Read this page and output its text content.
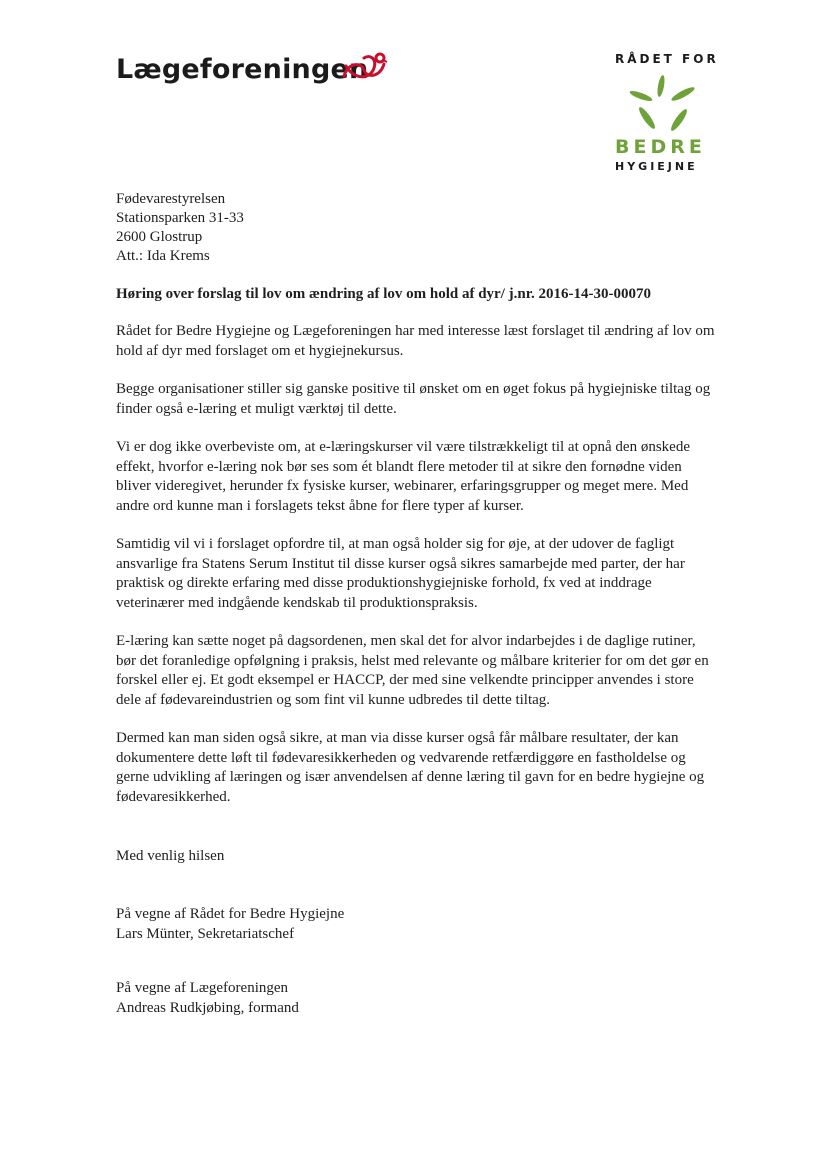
Lægeforeningen	RÅDET FOR
BEDRE
HYGIEJNE
Fødevarestyrelsen
Stationsparken 31-33
2600 Glostrup
Att.: Ida Krems
Høring over forslag til lov om ændring af lov om hold af dyr/ j.nr. 2016-14-30-00070

Rådet for Bedre Hygiejne og Lægeforeningen har med interesse læst forslaget til ændring af lov om hold af dyr med forslaget om et hygiejnekursus.

Begge organisationer stiller sig ganske positive til ønsket om en øget fokus på hygiejniske tiltag og finder også e-læring et muligt værktøj til dette.

Vi er dog ikke overbeviste om, at e-læringskurser vil være tilstrækkeligt til at opnå den ønskede effekt, hvorfor e-læring nok bør ses som ét blandt flere metoder til at sikre den fornødne viden bliver videregivet, herunder fx fysiske kurser, webinarer, erfaringsgrupper og meget mere. Med andre ord kunne man i forslagets tekst åbne for flere typer af kurser.

Samtidig vil vi i forslaget opfordre til, at man også holder sig for øje, at der udover de fagligt ansvarlige fra Statens Serum Institut til disse kurser også sikres samarbejde med parter, der har praktisk og direkte erfaring med disse produktionshygiejniske forhold, fx ved at inddrage veterinærer med indgående kendskab til produktionspraksis.

E-læring kan sætte noget på dagsordenen, men skal det for alvor indarbejdes i de daglige rutiner, bør det foranledige opfølgning i praksis, helst med relevante og målbare kriterier for om det gør en forskel eller ej. Et godt eksempel er HACCP, der med sine velkendte principper anvendes i store dele af fødevareindustrien og som fint vil kunne udbredes til dette tiltag.

Dermed kan man siden også sikre, at man via disse kurser også får målbare resultater, der kan dokumentere dette løft til fødevaresikkerheden og vedvarende retfærdiggøre en fastholdelse og gerne udvikling af læringen og især anvendelsen af denne læring til gavn for en bedre hygiejne og fødevaresikkerhed.

Med venlig hilsen
På vegne af Rådet for Bedre Hygiejne
Lars Münter, Sekretariatschef
På vegne af Lægeforeningen
Andreas Rudkjøbing, formand
